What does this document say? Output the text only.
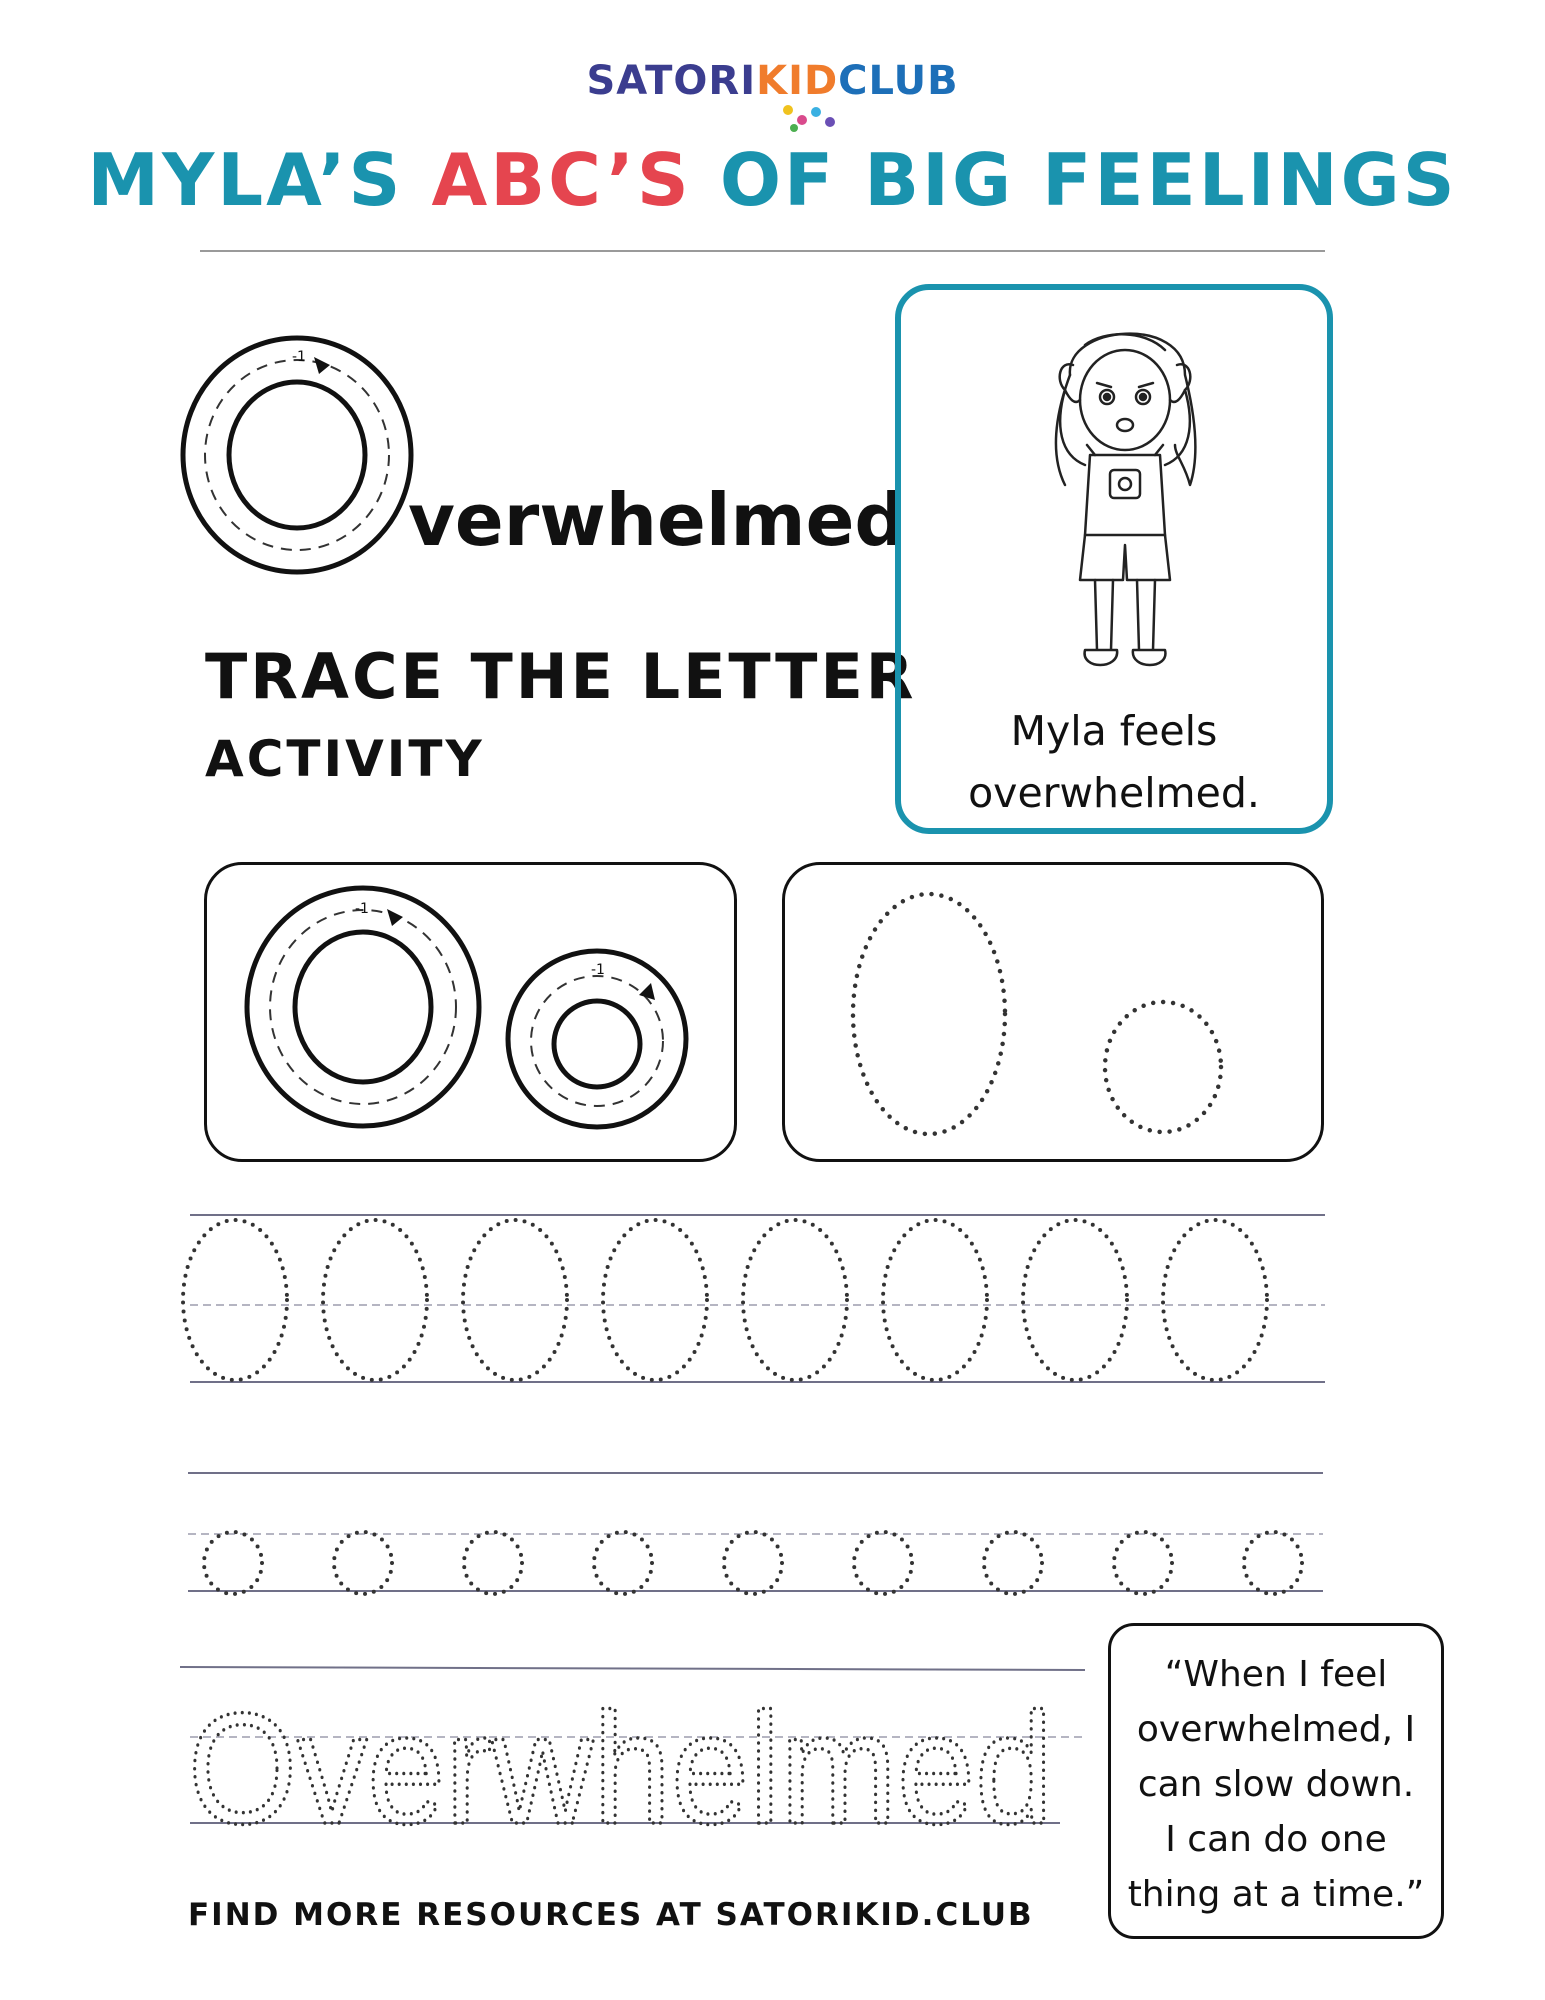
SATORIKIDCLUB
MYLA’S ABC’S OF BIG FEELINGS
-1
verwhelmed
TRACE THE LETTER
ACTIVITY	Myla feels
overwhelmed.
-1
-1
Overwhelmed
“When I feel
overwhelmed, I
can slow down.
I can do one
thing at a time.”
FIND MORE RESOURCES AT SATORIKID.CLUB
